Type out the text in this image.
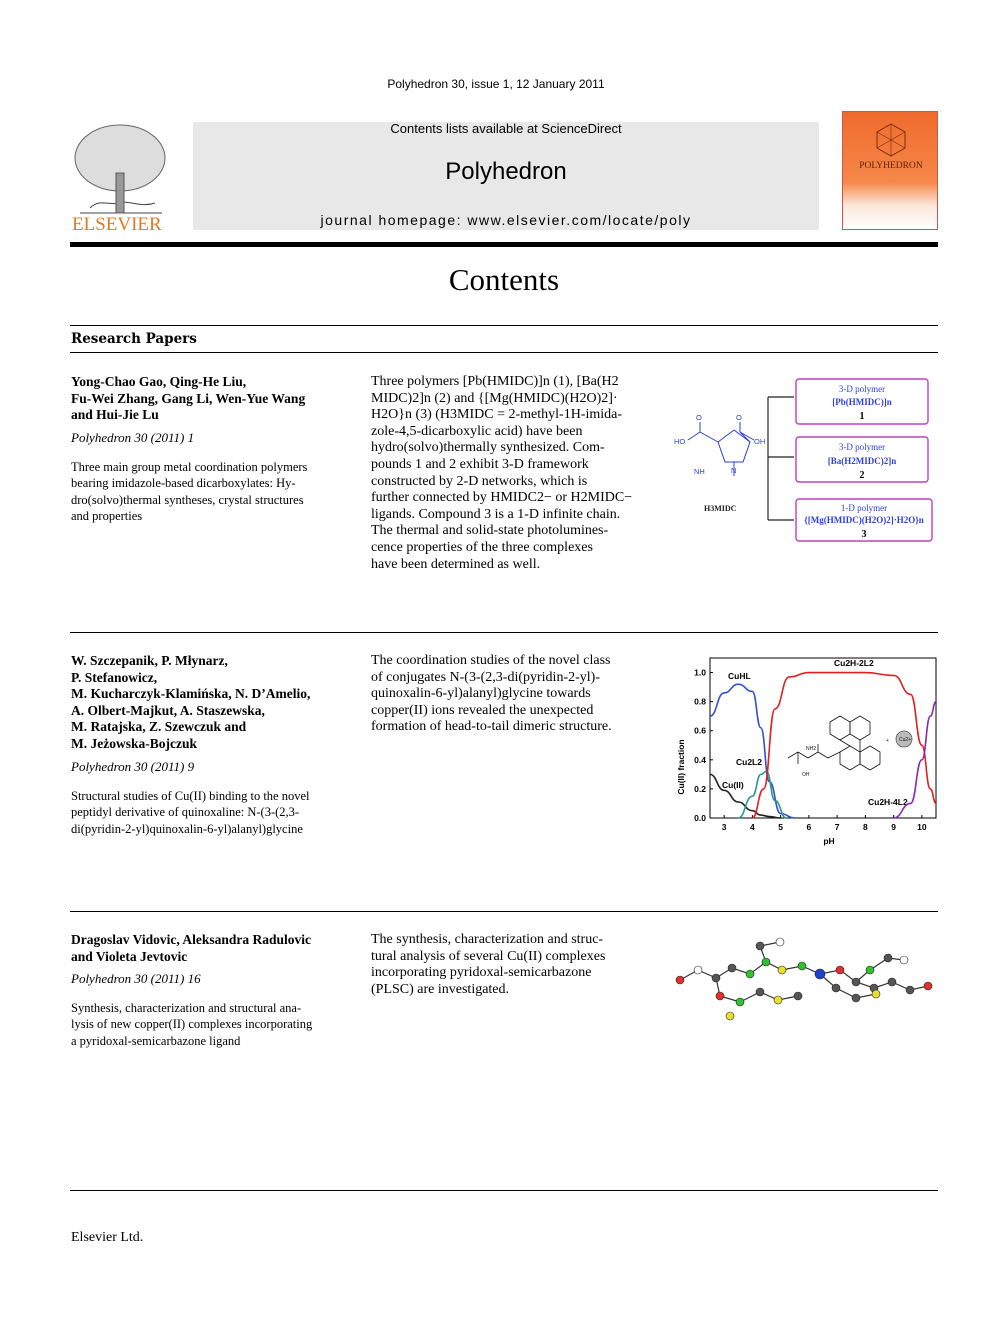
Polyhedron 30, issue 1, 12 January 2011
ELSEVIER
Contents lists available at ScienceDirect
Polyhedron
journal homepage: www.elsevier.com/locate/poly
POLYHEDRON
Contents
Research Papers
Yong-Chao Gao, Qing-He Liu,
Fu-Wei Zhang, Gang Li, Wen-Yue Wang
and Hui-Jie Lu
Polyhedron 30 (2011) 1
Three main group metal coordination polymers
bearing imidazole-based dicarboxylates: Hy-
dro(solvo)thermal syntheses, crystal structures
and properties
Three polymers [Pb(HMIDC)]n (1), [Ba(H2
MIDC)2]n (2) and {[Mg(HMIDC)(H2O)2]·
H2O}n (3) (H3MIDC = 2-methyl-1H-imida-
zole-4,5-dicarboxylic acid) have been
hydro(solvo)thermally synthesized. Com-
pounds 1 and 2 exhibit 3-D framework
constructed by 2-D networks, which is
further connected by HMIDC2− or H2MIDC−
ligands. Compound 3 is a 1-D infinite chain.
The thermal and solid-state photolumines-
cence properties of the three complexes
have been determined as well.
O
HO
O
OH
NH	N
H3MIDC
3-D polymer
[Pb(HMIDC)]n
1
3-D polymer
[Ba(H2MIDC)2]n
2
1-D polymer
{[Mg(HMIDC)(H2O)2]·H2O}n
3
W. Szczepanik, P. Młynarz,
P. Stefanowicz,
M. Kucharczyk-Klamińska, N. D’Amelio,
A. Olbert-Majkut, A. Staszewska,
M. Ratajska, Z. Szewczuk and
M. Jeżowska-Bojczuk
Polyhedron 30 (2011) 9
Structural studies of Cu(II) binding to the novel
peptidyl derivative of quinoxaline: N-(3-(2,3-
di(pyridin-2-yl)quinoxalin-6-yl)alanyl)glycine
The coordination studies of the novel class
of conjugates N-(3-(2,3-di(pyridin-2-yl)-
quinoxalin-6-yl)alanyl)glycine towards
copper(II) ions revealed the unexpected
formation of head-to-tail dimeric structure.
Cu(II) fraction
pH
CuHL
Cu2L2
Cu(II)
Cu2H-2L2
Cu2H-4L2
3	4	5	6	7	8	9 10
0.0
0.2
0.4
0.6
0.8
1.0
NH2
OH
Cu2+
+
Dragoslav Vidovic, Aleksandra Radulovic
and Violeta Jevtovic
Polyhedron 30 (2011) 16
Synthesis, characterization and structural ana-
lysis of new copper(II) complexes incorporating
a pyridoxal-semicarbazone ligand
The synthesis, characterization and struc-
tural analysis of several Cu(II) complexes
incorporating pyridoxal-semicarbazone
(PLSC) are investigated.
Elsevier Ltd.
